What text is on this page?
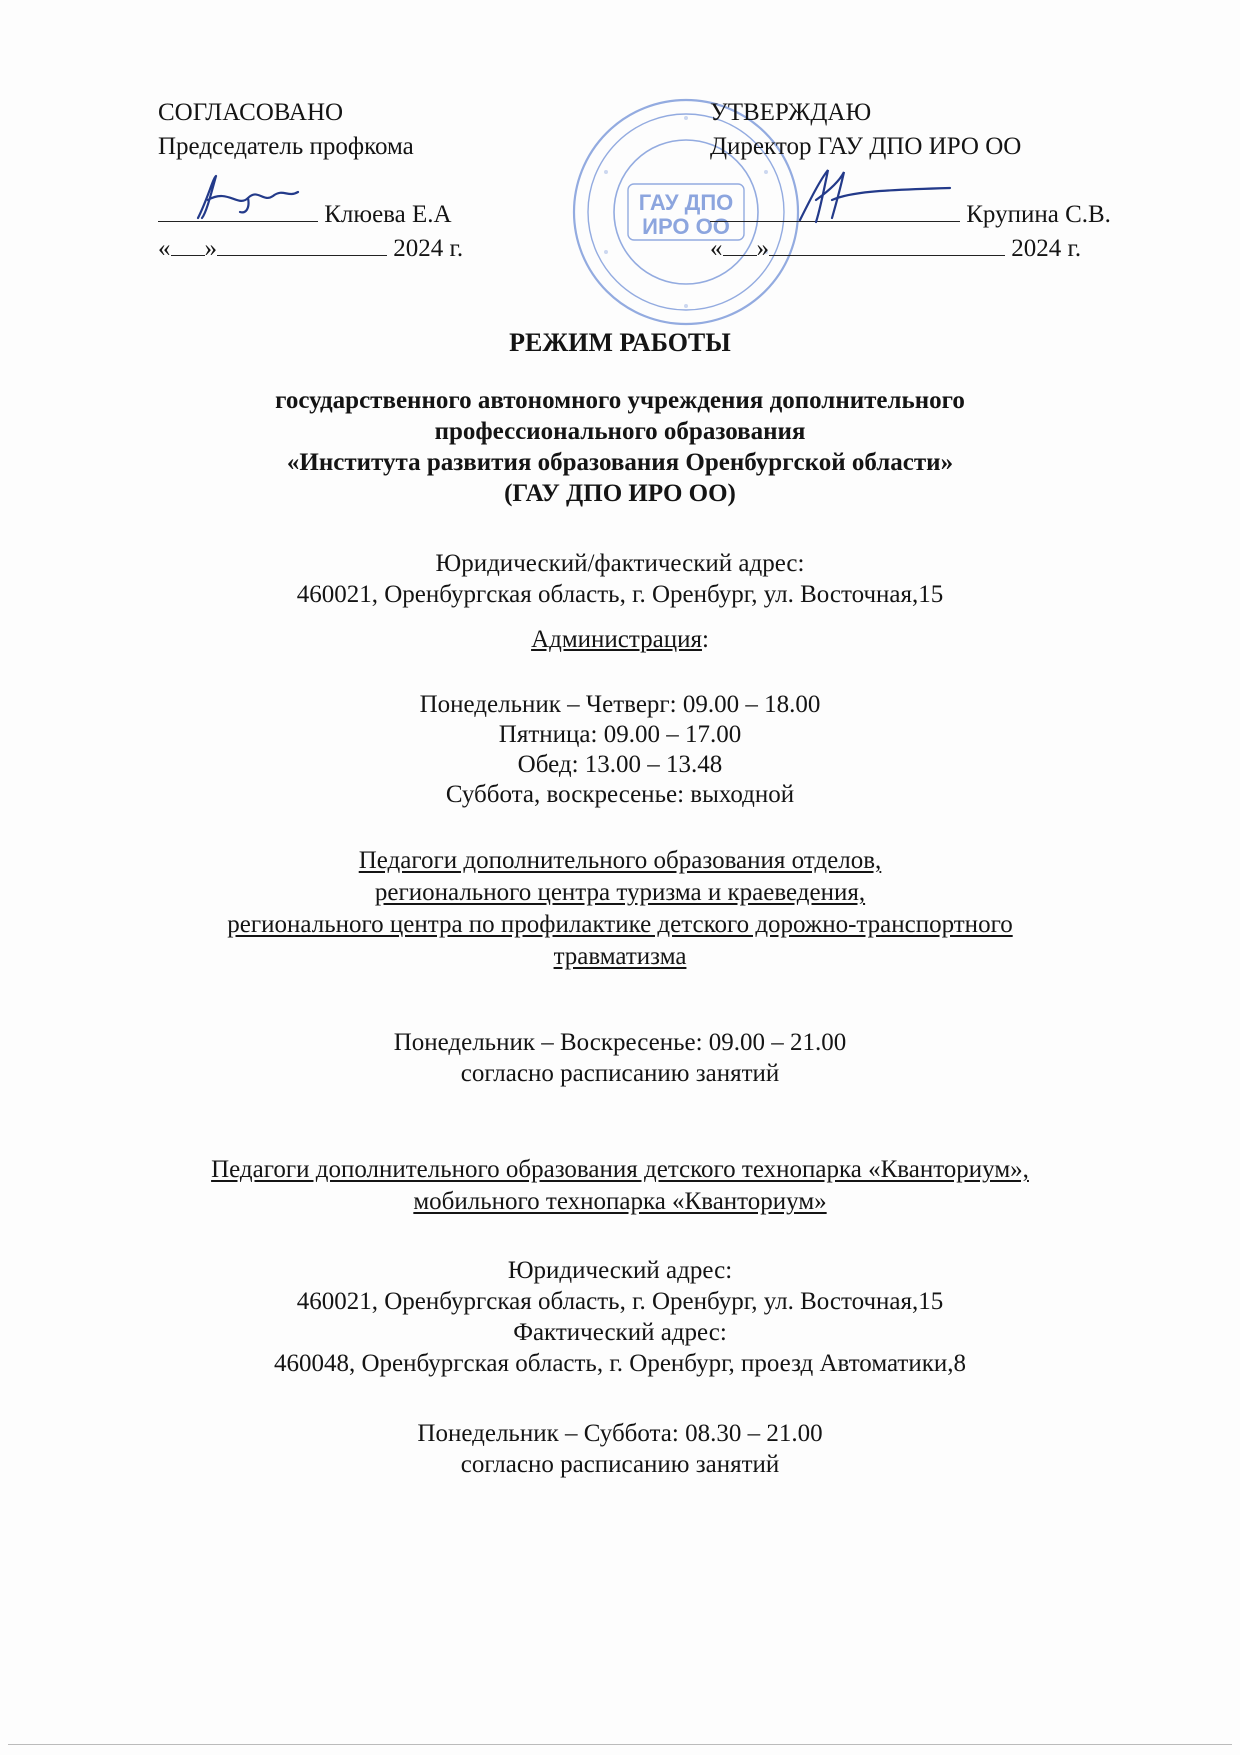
ГАУ ДПО
ИРО ОО
СОГЛАСОВАНО
Председатель профкома
Клюева Е.А
« »	2024 г.
УТВЕРЖДАЮ
Директор ГАУ ДПО ИРО ОО
Крупина С.В.
« »	2024 г.
РЕЖИМ РАБОТЫ

государственного автономного учреждения дополнительного

профессионального образования

«Института развития образования Оренбургской области»

(ГАУ ДПО ИРО ОО)

Юридический/фактический адрес:

460021, Оренбургская область, г. Оренбург, ул. Восточная,15

Администрация:

Понедельник – Четверг: 09.00 – 18.00

Пятница: 09.00 – 17.00

Обед: 13.00 – 13.48

Суббота, воскресенье: выходной

Педагоги дополнительного образования отделов,

регионального центра туризма и краеведения,

регионального центра по профилактике детского дорожно-транспортного

травматизма

Понедельник – Воскресенье: 09.00 – 21.00

согласно расписанию занятий

Педагоги дополнительного образования детского технопарка «Кванториум»,

мобильного технопарка «Кванториум»

Юридический адрес:

460021, Оренбургская область, г. Оренбург, ул. Восточная,15

Фактический адрес:

460048, Оренбургская область, г. Оренбург, проезд Автоматики,8

Понедельник – Суббота: 08.30 – 21.00

согласно расписанию занятий
